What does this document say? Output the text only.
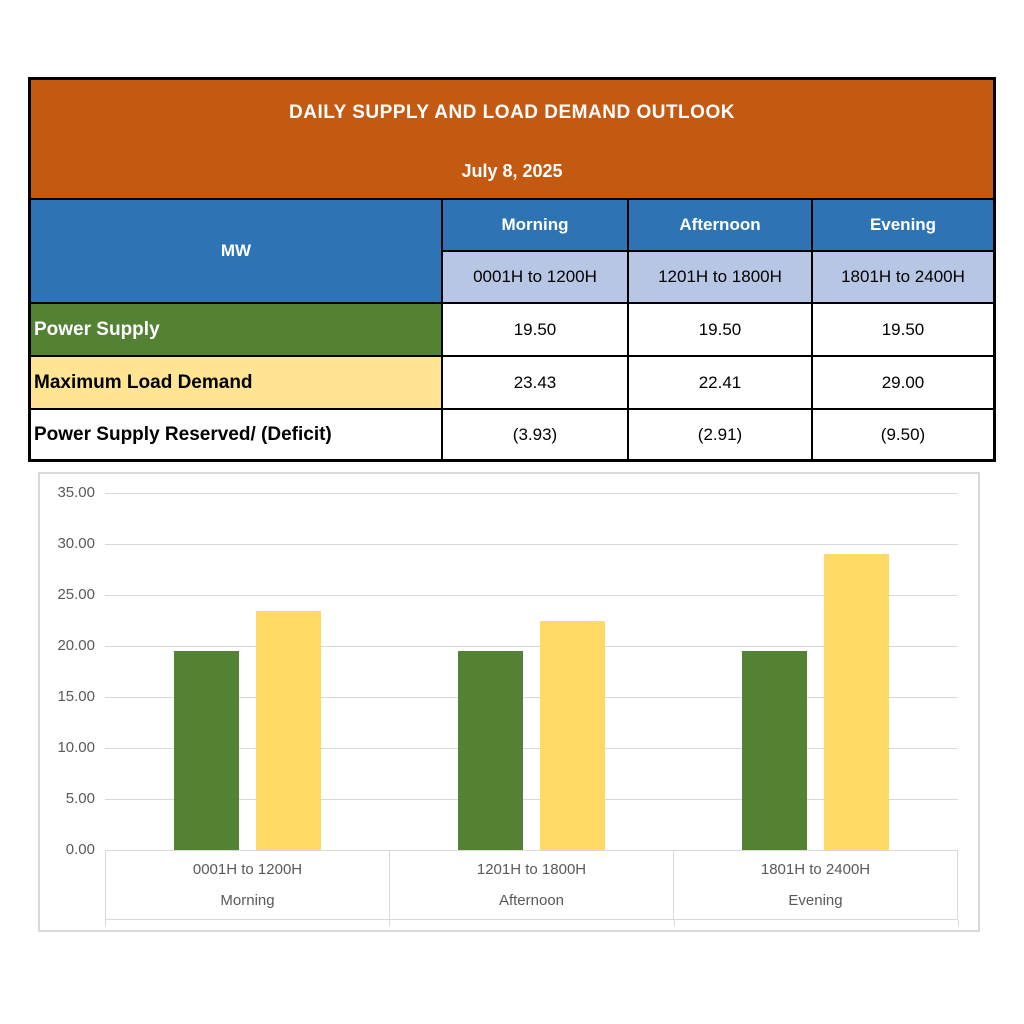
DAILY SUPPLY AND LOAD DEMAND OUTLOOK
July 8, 2025
MW
Morning	Afternoon	Evening
0001H to 1200H	1201H to 1800H	1801H to 2400H
Power Supply	19.50	19.50	19.50
Maximum Load Demand	23.43	22.41	29.00
Power Supply Reserved/ (Deficit)	(3.93)	(2.91)	(9.50)
0.00
5.00
10.00
15.00
20.00
25.00
30.00
35.00
0001H to 1200H
Morning
1201H to 1800H
Afternoon
1801H to 2400H
Evening
